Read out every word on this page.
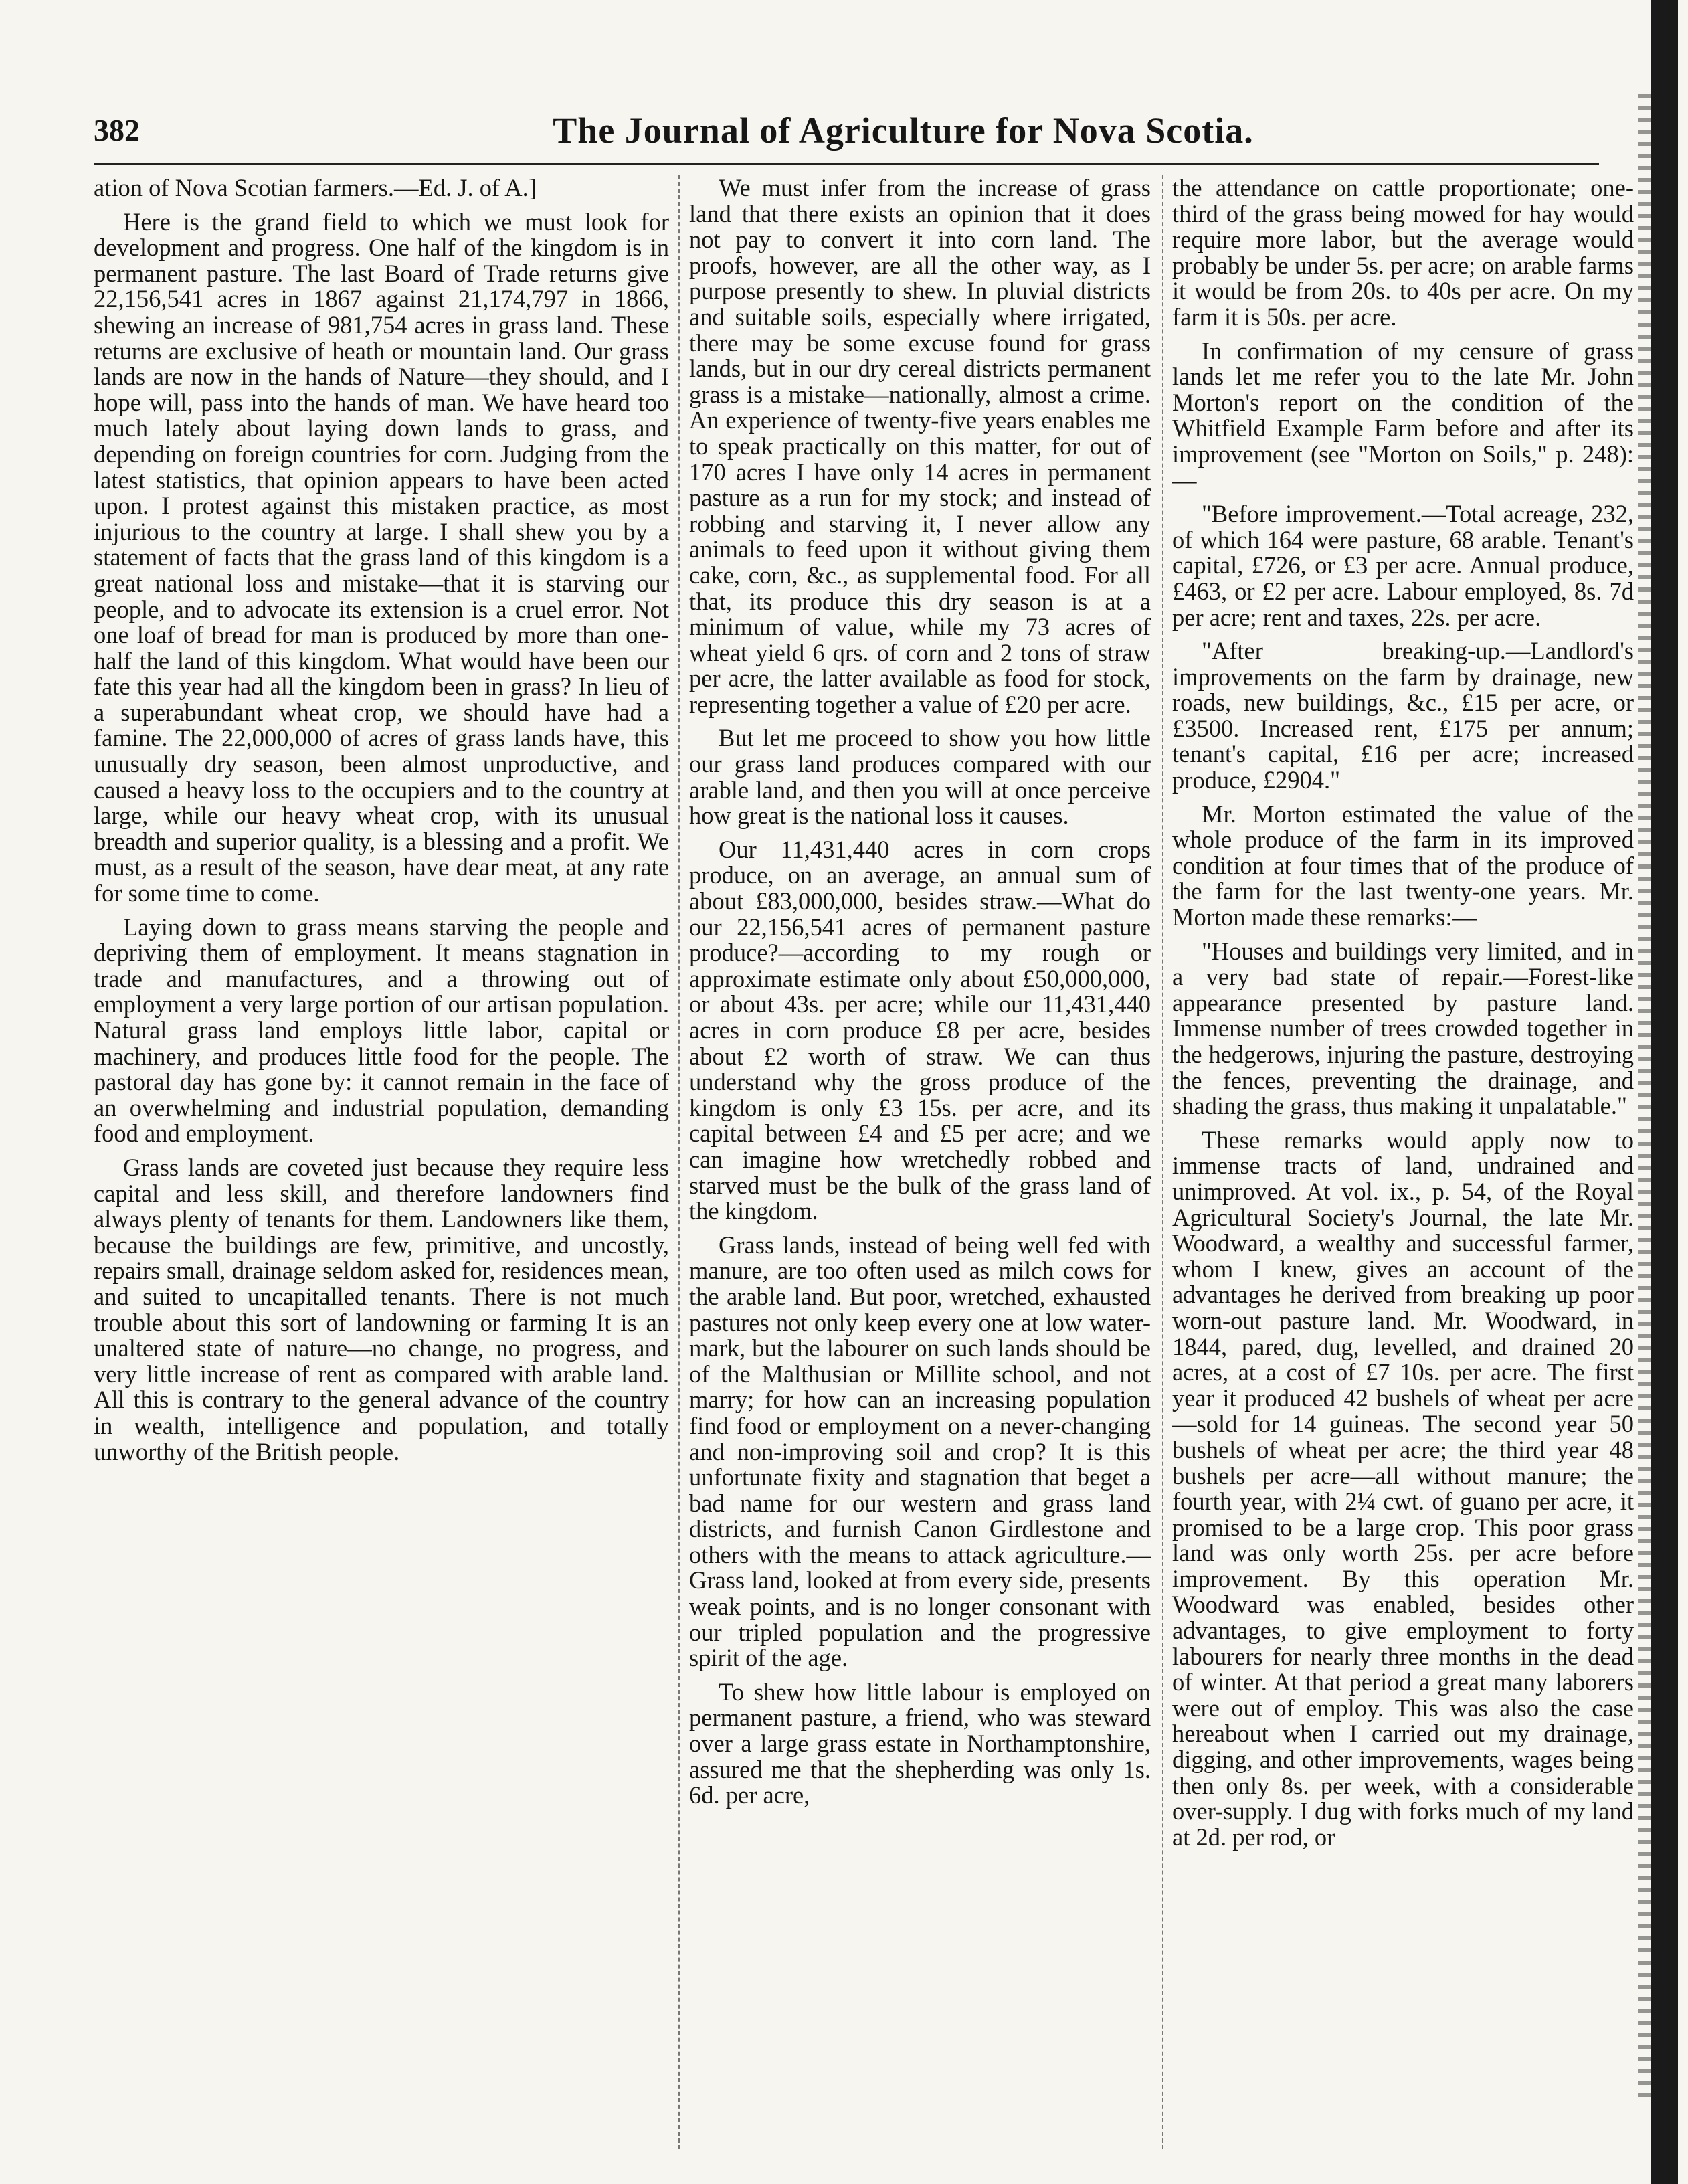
382	The Journal of Agriculture for Nova Scotia.

ation of Nova Scotian farmers.—Ed. J. of A.]

Here is the grand field to which we must look for development and progress. One half of the kingdom is in permanent pasture. The last Board of Trade returns give 22,156,541 acres in 1867 against 21,174,797 in 1866, shewing an increase of 981,754 acres in grass land. These returns are exclusive of heath or mountain land. Our grass lands are now in the hands of Nature—they should, and I hope will, pass into the hands of man. We have heard too much lately about laying down lands to grass, and depending on foreign countries for corn. Judging from the latest statistics, that opinion appears to have been acted upon. I protest against this mistaken practice, as most injurious to the country at large. I shall shew you by a statement of facts that the grass land of this kingdom is a great national loss and mistake—that it is starving our people, and to advocate its extension is a cruel error. Not one loaf of bread for man is produced by more than one-half the land of this kingdom. What would have been our fate this year had all the kingdom been in grass? In lieu of a superabundant wheat crop, we should have had a famine. The 22,000,000 of acres of grass lands have, this unusually dry season, been almost unproductive, and caused a heavy loss to the occupiers and to the country at large, while our heavy wheat crop, with its unusual breadth and superior quality, is a blessing and a profit. We must, as a result of the season, have dear meat, at any rate for some time to come.

Laying down to grass means starving the people and depriving them of employment. It means stagnation in trade and manufactures, and a throwing out of employment a very large portion of our artisan population. Natural grass land employs little labor, capital or machinery, and produces little food for the people. The pastoral day has gone by: it cannot remain in the face of an overwhelming and industrial population, demanding food and employment.

Grass lands are coveted just because they require less capital and less skill, and therefore landowners find always plenty of tenants for them. Landowners like them, because the buildings are few, primitive, and uncostly, repairs small, drainage seldom asked for, residences mean, and suited to uncapitalled tenants. There is not much trouble about this sort of landowning or farming It is an unaltered state of nature—no change, no progress, and very little increase of rent as compared with arable land. All this is contrary to the general advance of the country in wealth, intelligence and population, and totally unworthy of the British people.

We must infer from the increase of grass land that there exists an opinion that it does not pay to convert it into corn land. The proofs, however, are all the other way, as I purpose presently to shew. In pluvial districts and suitable soils, especially where irrigated, there may be some excuse found for grass lands, but in our dry cereal districts permanent grass is a mistake—nationally, almost a crime. An experience of twenty-five years enables me to speak practically on this matter, for out of 170 acres I have only 14 acres in permanent pasture as a run for my stock; and instead of robbing and starving it, I never allow any animals to feed upon it without giving them cake, corn, &c., as supplemental food. For all that, its produce this dry season is at a minimum of value, while my 73 acres of wheat yield 6 qrs. of corn and 2 tons of straw per acre, the latter available as food for stock, representing together a value of £20 per acre.

But let me proceed to show you how little our grass land produces compared with our arable land, and then you will at once perceive how great is the national loss it causes.

Our 11,431,440 acres in corn crops produce, on an average, an annual sum of about £83,000,000, besides straw.—What do our 22,156,541 acres of permanent pasture produce?—according to my rough or approximate estimate only about £50,000,000, or about 43s. per acre; while our 11,431,440 acres in corn produce £8 per acre, besides about £2 worth of straw. We can thus understand why the gross produce of the kingdom is only £3 15s. per acre, and its capital between £4 and £5 per acre; and we can imagine how wretchedly robbed and starved must be the bulk of the grass land of the kingdom.

Grass lands, instead of being well fed with manure, are too often used as milch cows for the arable land. But poor, wretched, exhausted pastures not only keep every one at low water-mark, but the labourer on such lands should be of the Malthusian or Millite school, and not marry; for how can an increasing population find food or employment on a never-changing and non-improving soil and crop? It is this unfortunate fixity and stagnation that beget a bad name for our western and grass land districts, and furnish Canon Girdlestone and others with the means to attack agriculture.—Grass land, looked at from every side, presents weak points, and is no longer consonant with our tripled population and the progressive spirit of the age.

To shew how little labour is employed on permanent pasture, a friend, who was steward over a large grass estate in Northamptonshire, assured me that the shepherding was only 1s. 6d. per acre,

the attendance on cattle proportionate; one-third of the grass being mowed for hay would require more labor, but the average would probably be under 5s. per acre; on arable farms it would be from 20s. to 40s per acre. On my farm it is 50s. per acre.

In confirmation of my censure of grass lands let me refer you to the late Mr. John Morton's report on the condition of the Whitfield Example Farm before and after its improvement (see "Morton on Soils," p. 248):—

"Before improvement.—Total acreage, 232, of which 164 were pasture, 68 arable. Tenant's capital, £726, or £3 per acre. Annual produce, £463, or £2 per acre. Labour employed, 8s. 7d per acre; rent and taxes, 22s. per acre.

"After breaking-up.—Landlord's improvements on the farm by drainage, new roads, new buildings, &c., £15 per acre, or £3500. Increased rent, £175 per annum; tenant's capital, £16 per acre; increased produce, £2904."

Mr. Morton estimated the value of the whole produce of the farm in its improved condition at four times that of the produce of the farm for the last twenty-one years. Mr. Morton made these remarks:—

"Houses and buildings very limited, and in a very bad state of repair.—Forest-like appearance presented by pasture land. Immense number of trees crowded together in the hedgerows, injuring the pasture, destroying the fences, preventing the drainage, and shading the grass, thus making it unpalatable."

These remarks would apply now to immense tracts of land, undrained and unimproved. At vol. ix., p. 54, of the Royal Agricultural Society's Journal, the late Mr. Woodward, a wealthy and successful farmer, whom I knew, gives an account of the advantages he derived from breaking up poor worn-out pasture land. Mr. Woodward, in 1844, pared, dug, levelled, and drained 20 acres, at a cost of £7 10s. per acre. The first year it produced 42 bushels of wheat per acre—sold for 14 guineas. The second year 50 bushels of wheat per acre; the third year 48 bushels per acre—all without manure; the fourth year, with 2¼ cwt. of guano per acre, it promised to be a large crop. This poor grass land was only worth 25s. per acre before improvement. By this operation Mr. Woodward was enabled, besides other advantages, to give employment to forty labourers for nearly three months in the dead of winter. At that period a great many laborers were out of employ. This was also the case hereabout when I carried out my drainage, digging, and other improvements, wages being then only 8s. per week, with a considerable over-supply. I dug with forks much of my land at 2d. per rod, or
